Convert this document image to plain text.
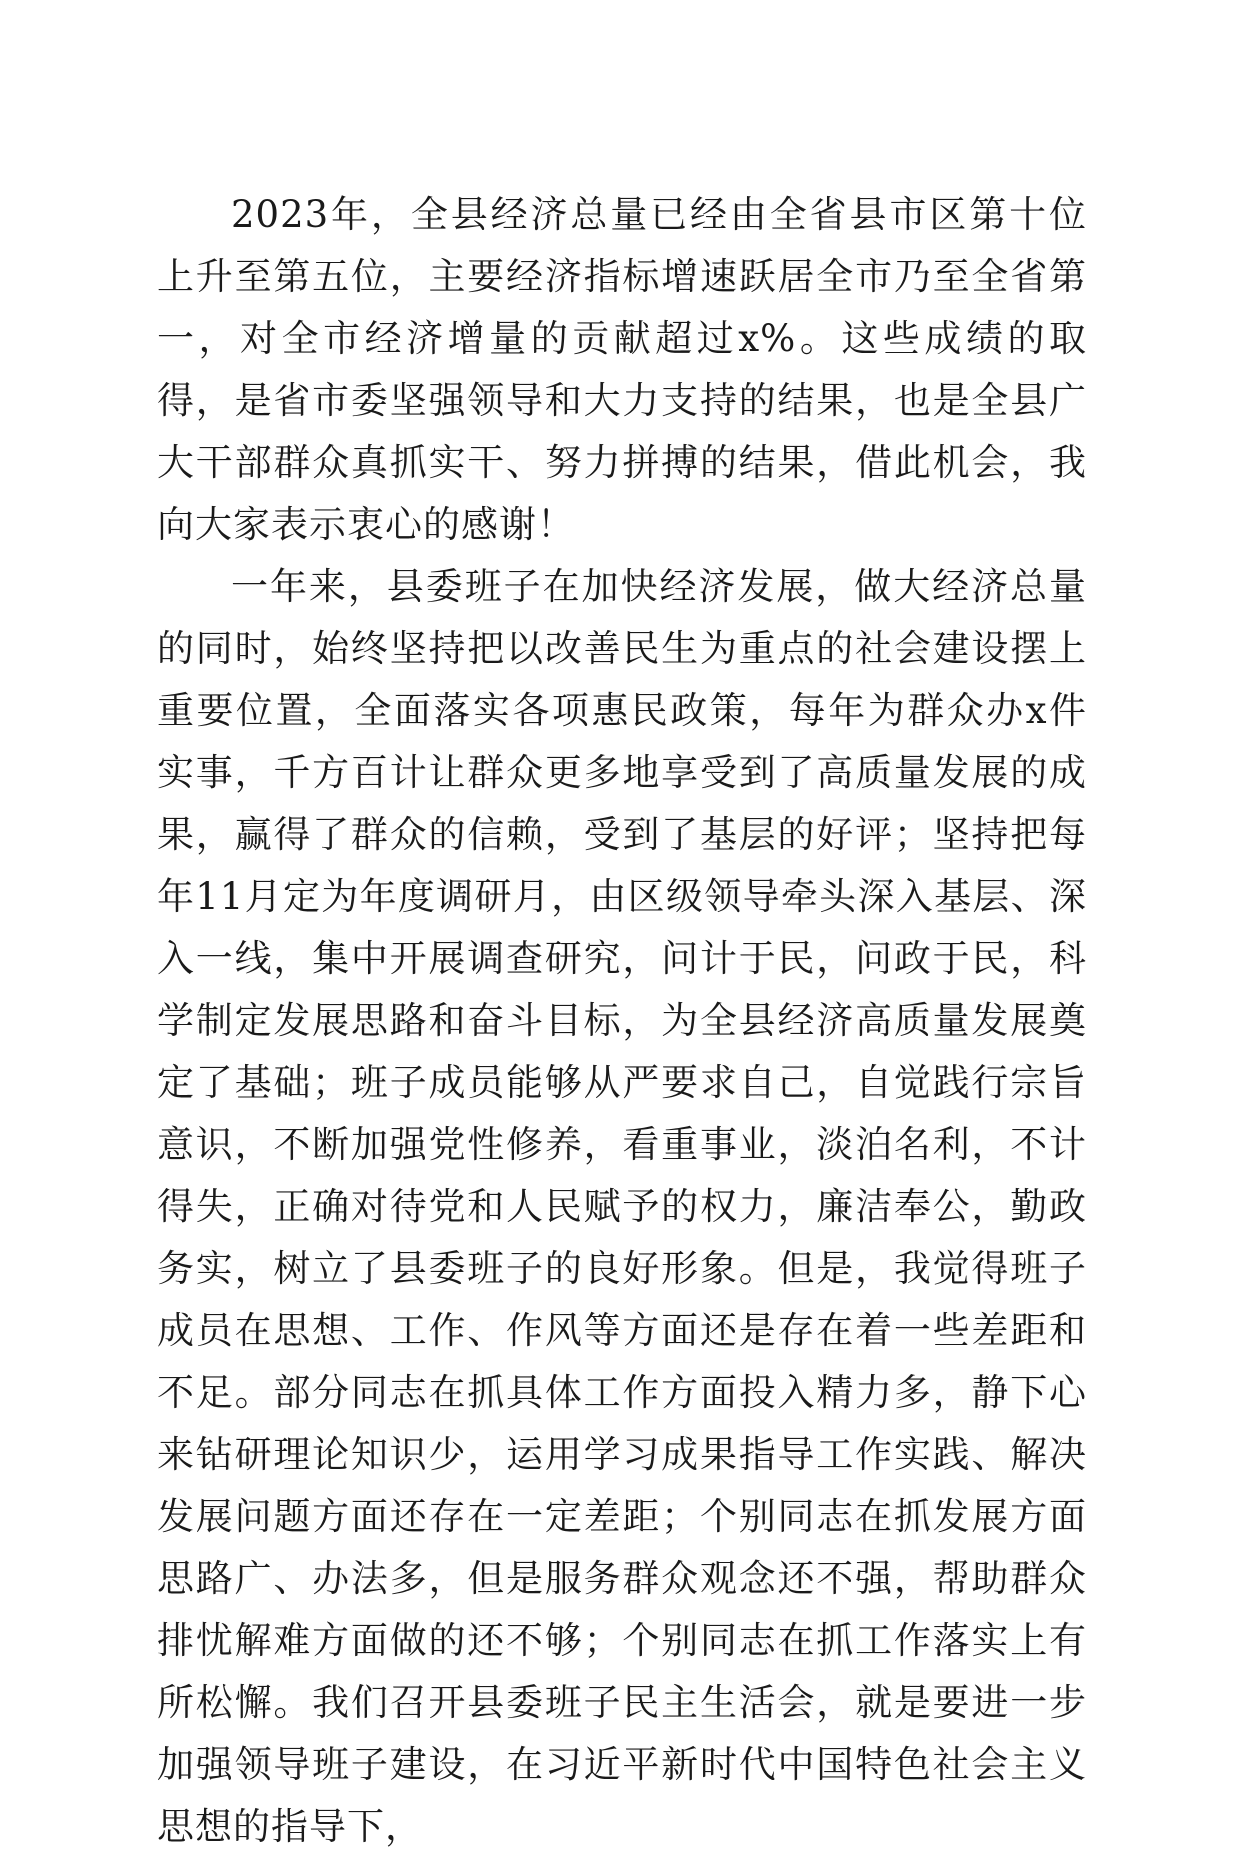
2023年，全县经济总量已经由全省县市区第十位上升至第五位，主要经济指标增速跃居全市乃至全省第一，对全市经济增量的贡献超过x%。这些成绩的取得，是省市委坚强领导和大力支持的结果，也是全县广大干部群众真抓实干、努力拼搏的结果，借此机会，我向大家表示衷心的感谢！

一年来，县委班子在加快经济发展，做大经济总量的同时，始终坚持把以改善民生为重点的社会建设摆上重要位置，全面落实各项惠民政策，每年为群众办x件实事，千方百计让群众更多地享受到了高质量发展的成果，赢得了群众的信赖，受到了基层的好评；坚持把每年11月定为年度调研月，由区级领导牵头深入基层、深入一线，集中开展调查研究，问计于民，问政于民，科学制定发展思路和奋斗目标，为全县经济高质量发展奠定了基础；班子成员能够从严要求自己，自觉践行宗旨意识，不断加强党性修养，看重事业，淡泊名利，不计得失，正确对待党和人民赋予的权力，廉洁奉公，勤政务实，树立了县委班子的良好形象。但是，我觉得班子成员在思想、工作、作风等方面还是存在着一些差距和不足。部分同志在抓具体工作方面投入精力多，静下心来钻研理论知识少，运用学习成果指导工作实践、解决发展问题方面还存在一定差距；个别同志在抓发展方面思路广、办法多，但是服务群众观念还不强，帮助群众排忧解难方面做的还不够；个别同志在抓工作落实上有所松懈。我们召开县委班子民主生活会，就是要进一步加强领导班子建设，在习近平新时代中国特色社会主义思想的指导下，
